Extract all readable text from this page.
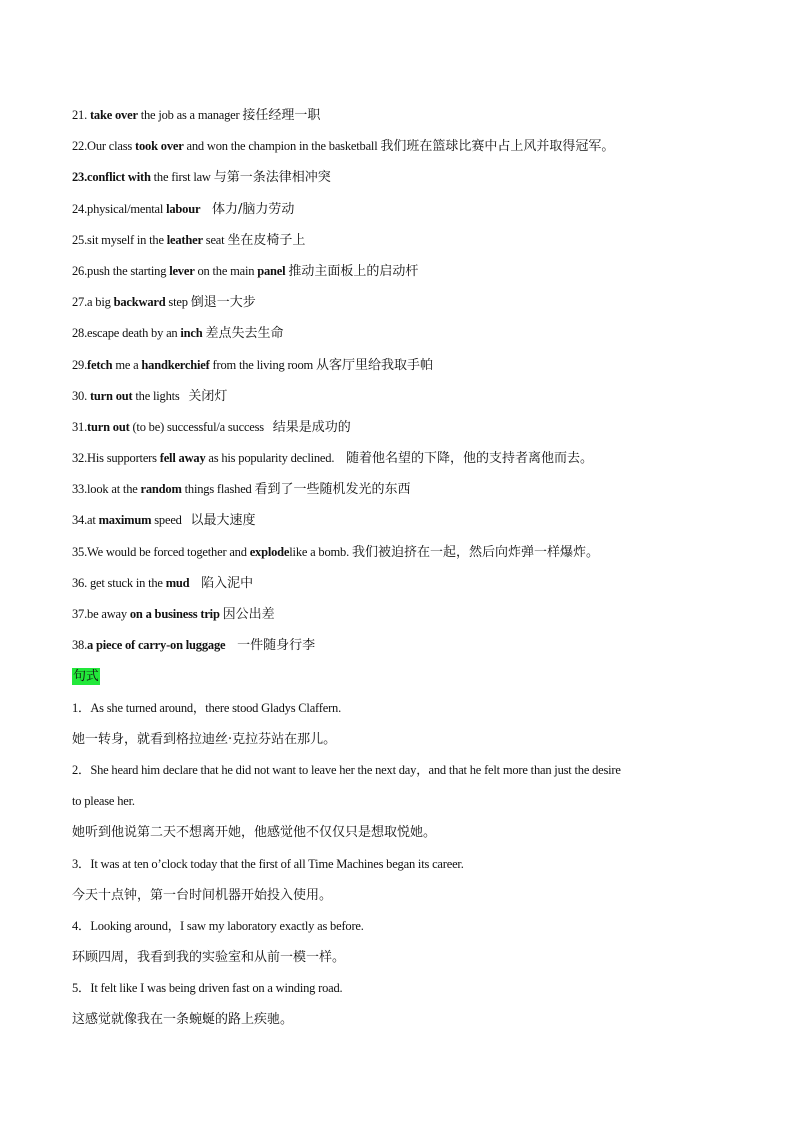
21. take over the job as a manager 接任经理一职
22.Our class took over and won the champion in the basketball 我们班在篮球比赛中占上风并取得冠军。
23.conflict with the first law 与第一条法律相冲突
24.physical/mental labour 体力/脑力劳动
25.sit myself in the leather seat 坐在皮椅子上
26.push the starting lever on the main panel 推动主面板上的启动杆
27.a big backward step 倒退一大步
28.escape death by an inch 差点失去生命
29.fetch me a handkerchief from the living room 从客厅里给我取手帕
30. turn out the lights   关闭灯
31.turn out (to be) successful/a success   结果是成功的
32.His supporters fell away as his popularity declined.    随着他名望的下降，他的支持者离他而去。
33.look at the random things flashed 看到了一些随机发光的东西
34.at maximum speed   以最大速度
35.We would be forced together and explodelike a bomb. 我们被迫挤在一起，然后向炸弹一样爆炸。
36. get stuck in the mud 陷入泥中
37.be away on a business trip 因公出差
38.a piece of carry-on luggage 一件随身行李
句式
1．As she turned around，there stood Gladys Claffern.
她一转身，就看到格拉迪丝·克拉芬站在那儿。
2．She heard him declare that he did not want to leave her the next day，and that he felt more than just the desire
to please her.
她听到他说第二天不想离开她，他感觉他不仅仅只是想取悦她。
3．It was at ten o’clock today that the first of all Time Machines began its career.
今天十点钟，第一台时间机器开始投入使用。
4．Looking around，I saw my laboratory exactly as before.
环顾四周，我看到我的实验室和从前一模一样。
5．It felt like I was being driven fast on a winding road.
这感觉就像我在一条蜿蜒的路上疾驰。
